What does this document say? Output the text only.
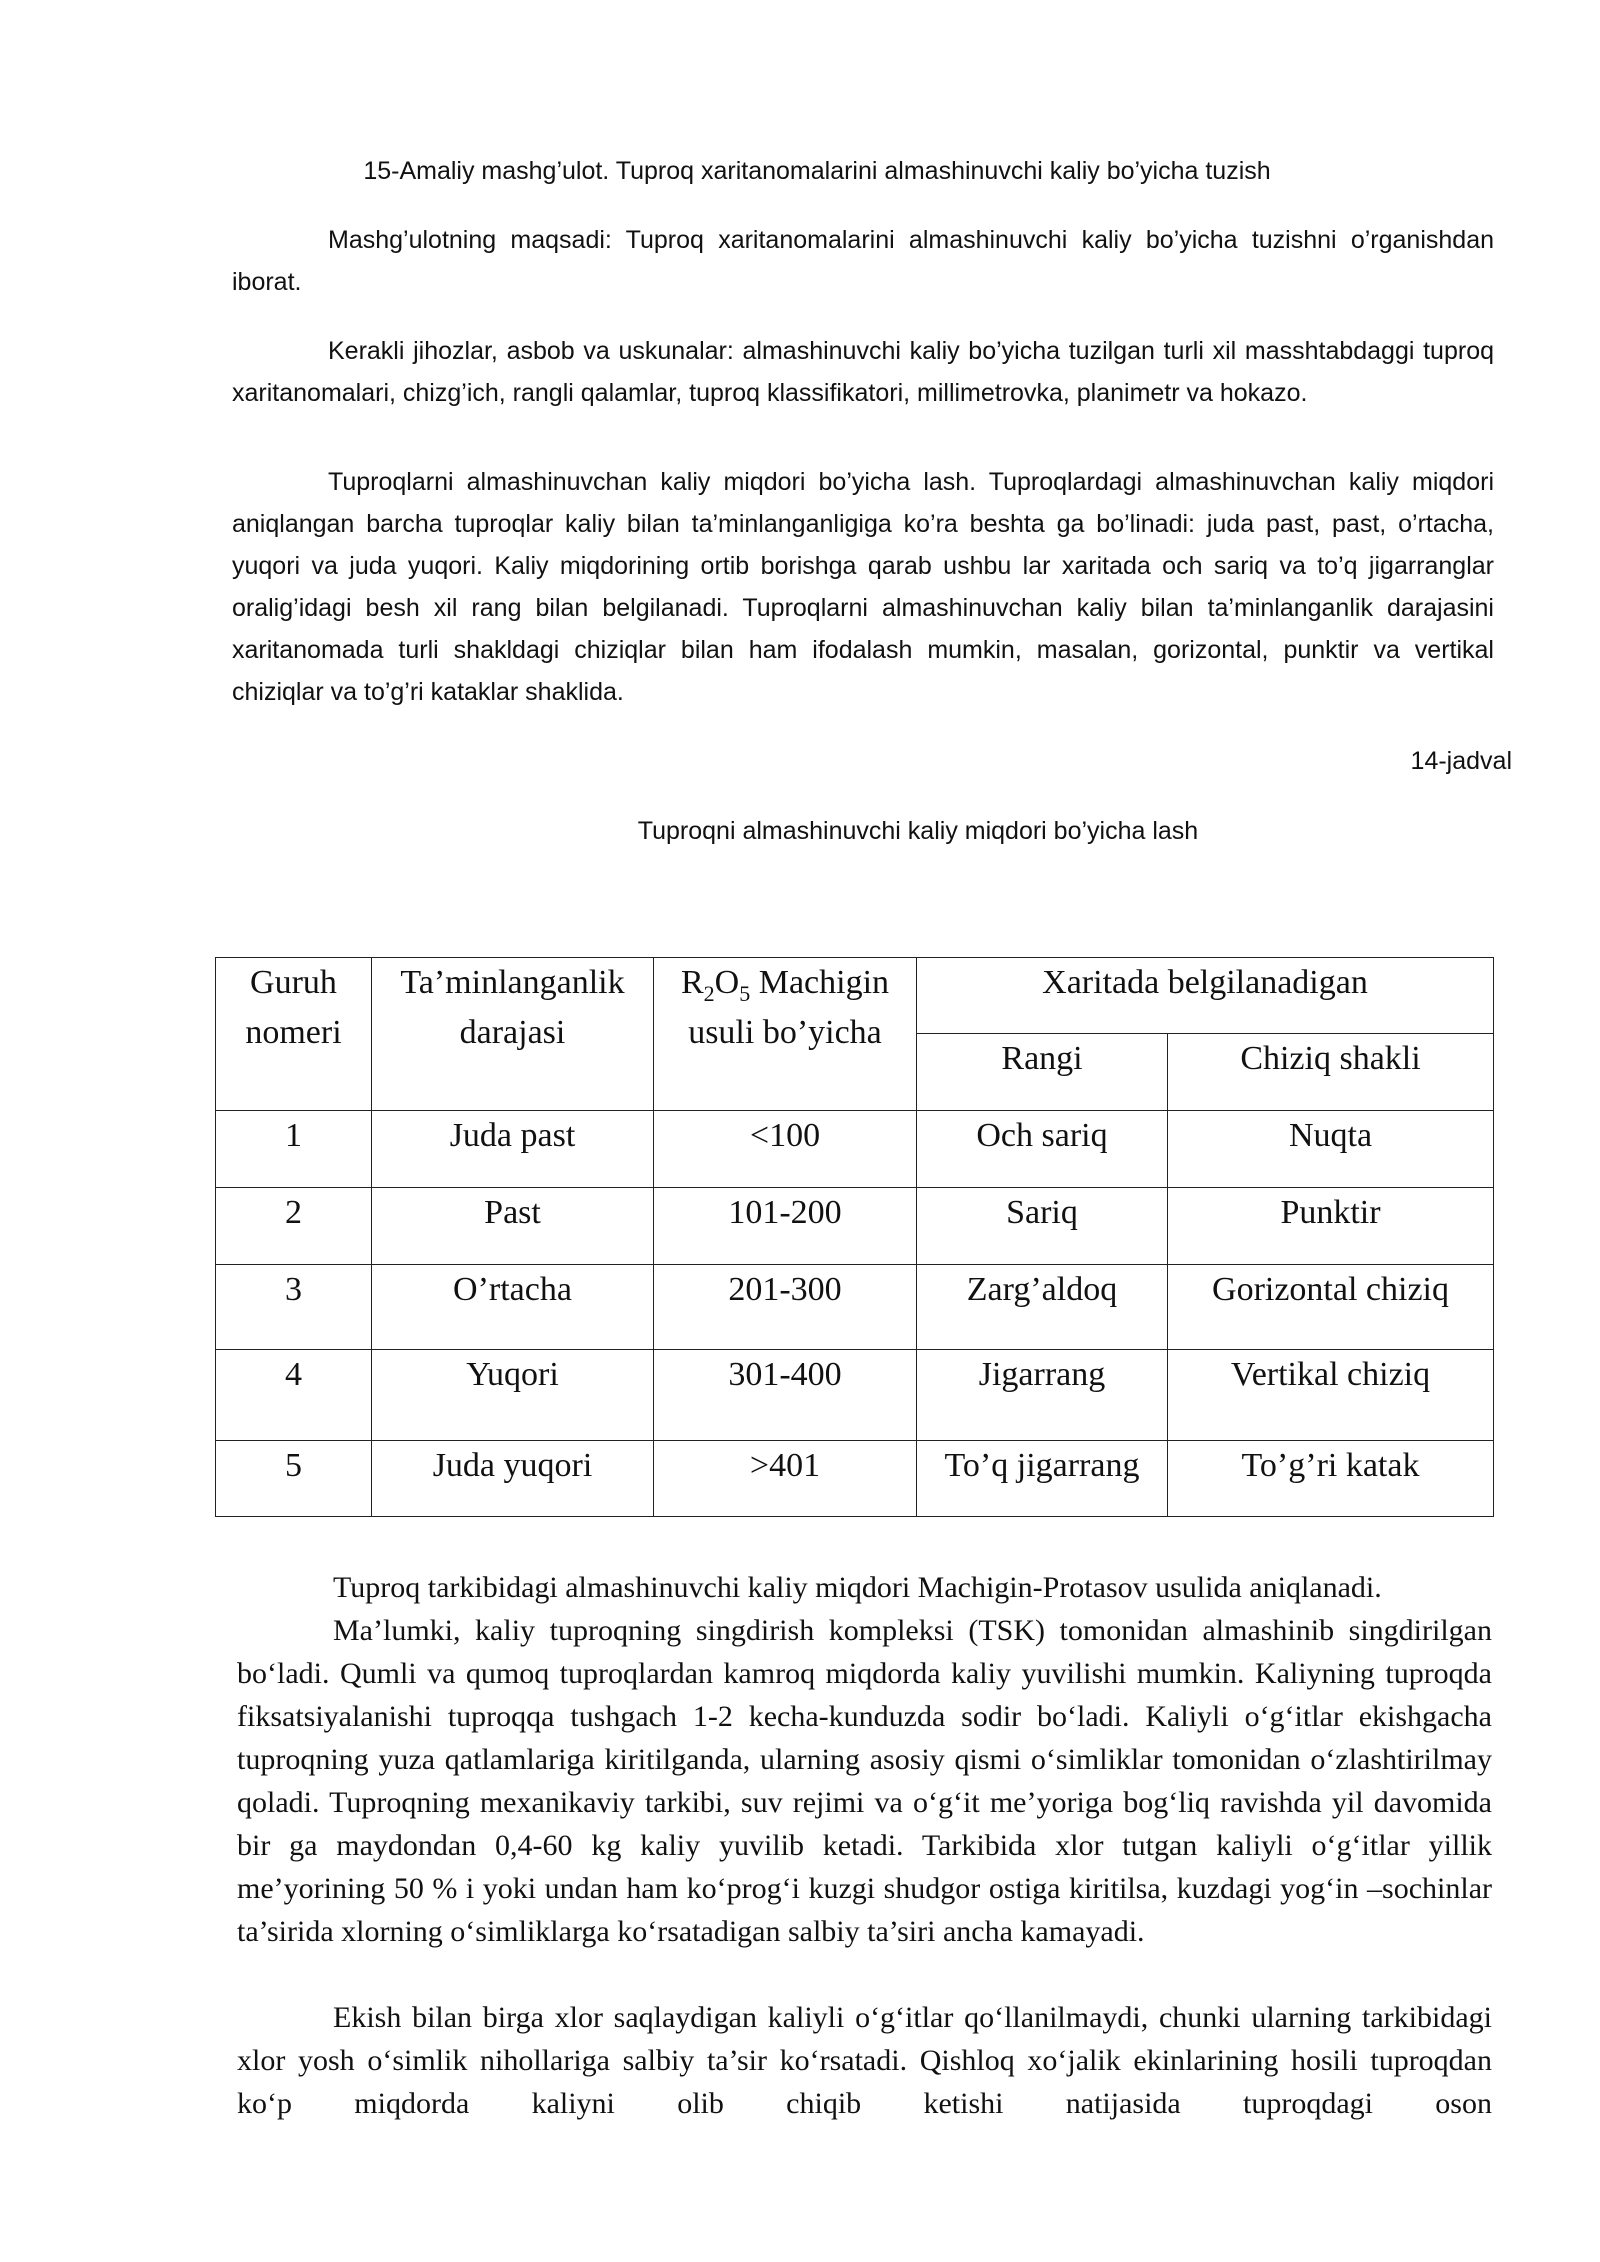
15-Amaliy mashg’ulot. Tuproq xaritanomalarini almashinuvchi kaliy bo’yicha tuzish

Mashg’ulotning maqsadi: Tuproq xaritanomalarini almashinuvchi kaliy bo’yicha tuzishni o’rganishdan iborat.

Kerakli jihozlar, asbob va uskunalar: almashinuvchi kaliy bo’yicha tuzilgan turli xil masshtabdaggi tuproq xaritanomalari, chizg’ich, rangli qalamlar, tuproq klassifikatori, millimetrovka, planimetr va hokazo.

Tuproqlarni almashinuvchan kaliy miqdori bo’yicha lash. Tuproqlardagi almashinuvchan kaliy miqdori aniqlangan barcha tuproqlar kaliy bilan ta’minlanganligiga ko’ra beshta ga bo’linadi: juda past, past, o’rtacha, yuqori va juda yuqori. Kaliy miqdorining ortib borishga qarab ushbu lar xaritada och sariq va to’q jigarranglar oralig’idagi besh xil rang bilan belgilanadi. Tuproqlarni almashinuvchan kaliy bilan ta’minlanganlik darajasini xaritanomada turli shakldagi chiziqlar bilan ham ifodalash mumkin, masalan, gorizontal, punktir va vertikal chiziqlar va to’g’ri kataklar shaklida.

14-jadval

Tuproqni almashinuvchi kaliy miqdori bo’yicha lash

Guruh nomeri	Ta’minlanganlik darajasi	$R_2O_5$ Machigin usuli bo’yicha	Xaritada belgilanadigan	
			Rangi	Chiziq shakli
1	Juda past	<100	Och sariq	Nuqta
2	Past	101-200	Sariq	Punktir
3	O’rtacha	201-300	Zarg’aldoq	Gorizontal chiziq
4	Yuqori	301-400	Jigarrang	Vertikal chiziq
5	Juda yuqori	>401	To’q jigarrang	To’g’ri katak

Tuproq tarkibidagi almashinuvchi kaliy miqdori Machigin-Protasov usulida aniqlanadi.

Ma’lumki, kaliy tuproqning singdirish kompleksi (TSK) tomonidan almashinib singdirilgan bo‘ladi. Qumli va qumoq tuproqlardan kamroq miqdorda kaliy yuvilishi mumkin. Kaliyning tuproqda fiksatsiyalanishi tuproqqa tushgach 1-2 kecha-kunduzda sodir bo‘ladi. Kaliyli o‘g‘itlar ekishgacha tuproqning yuza qatlamlariga kiritilganda, ularning asosiy qismi o‘simliklar tomonidan o‘zlashtirilmay qoladi. Tuproqning mexanikaviy tarkibi, suv rejimi va o‘g‘it me’yoriga bog‘liq ravishda yil davomida bir ga maydondan 0,4-60 kg kaliy yuvilib ketadi. Tarkibida xlor tutgan kaliyli o‘g‘itlar yillik me’yorining 50 % i yoki undan ham ko‘prog‘i kuzgi shudgor ostiga kiritilsa, kuzdagi yog‘in –sochinlar ta’sirida xlorning o‘simliklarga ko‘rsatadigan salbiy ta’siri ancha kamayadi.

Ekish bilan birga xlor saqlaydigan kaliyli o‘g‘itlar qo‘llanilmaydi, chunki ularning tarkibidagi xlor yosh o‘simlik nihollariga salbiy ta’sir ko‘rsatadi. Qishloq xo‘jalik ekinlarining hosili tuproqdan ko‘p miqdorda kaliyni olib chiqib ketishi natijasida tuproqdagi oson
